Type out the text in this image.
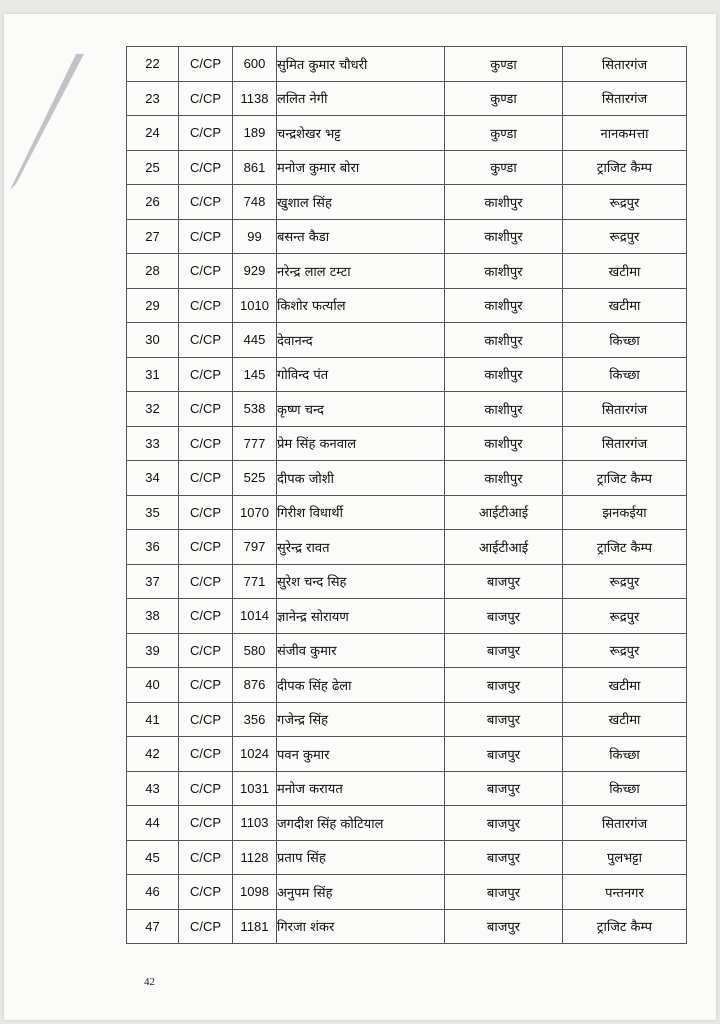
22	C/CP	600	सुमित कुमार चौधरी	कुण्डा	सितारगंज
23	C/CP	1138	ललित नेगी	कुण्डा	सितारगंज
24	C/CP	189	चन्द्रशेखर भट्ट	कुण्डा	नानकमत्ता
25	C/CP	861	मनोज कुमार बोरा	कुण्डा	ट्राजिट कैम्प
26	C/CP	748	खुशाल सिंह	काशीपुर	रूद्रपुर
27	C/CP	99	बसन्त कैडा	काशीपुर	रूद्रपुर
28	C/CP	929	नरेन्द्र लाल टम्टा	काशीपुर	खटीमा
29	C/CP	1010	किशोर फर्त्याल	काशीपुर	खटीमा
30	C/CP	445	देवानन्द	काशीपुर	किच्छा
31	C/CP	145	गोविन्द पंत	काशीपुर	किच्छा
32	C/CP	538	कृष्ण चन्द	काशीपुर	सितारगंज
33	C/CP	777	प्रेम सिंह कनवाल	काशीपुर	सितारगंज
34	C/CP	525	दीपक जोशी	काशीपुर	ट्राजिट कैम्प
35	C/CP	1070	गिरीश विधार्थी	आईटीआई	झनकईया
36	C/CP	797	सुरेन्द्र रावत	आईटीआई	ट्राजिट कैम्प
37	C/CP	771	सुरेश चन्द सिह	बाजपुर	रूद्रपुर
38	C/CP	1014	ज्ञानेन्द्र सोरायण	बाजपुर	रूद्रपुर
39	C/CP	580	संजीव कुमार	बाजपुर	रूद्रपुर
40	C/CP	876	दीपक सिंह ढेला	बाजपुर	खटीमा
41	C/CP	356	गजेन्द्र सिंह	बाजपुर	खटीमा
42	C/CP	1024	पवन कुमार	बाजपुर	किच्छा
43	C/CP	1031	मनोज करायत	बाजपुर	किच्छा
44	C/CP	1103	जगदीश सिंह कोटियाल	बाजपुर	सितारगंज
45	C/CP	1128	प्रताप सिंह	बाजपुर	पुलभट्टा
46	C/CP	1098	अनुपम सिंह	बाजपुर	पन्तनगर
47	C/CP	1181	गिरजा शंकर	बाजपुर	ट्राजिट कैम्प
42
